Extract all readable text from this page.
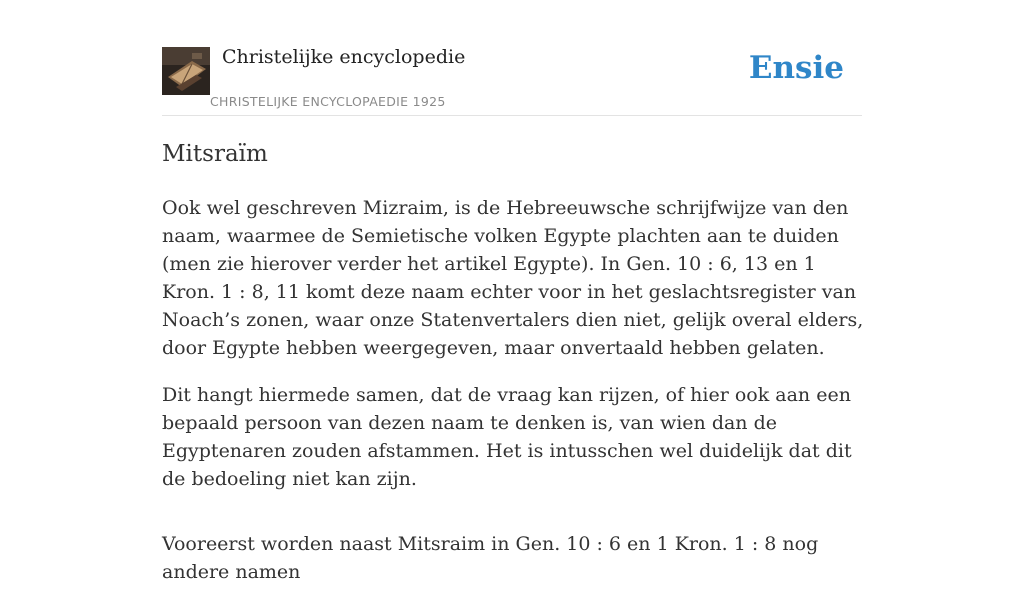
Christelijke encyclopedie
CHRISTELIJKE ENCYCLOPAEDIE 1925
Ensie
Mitsraïm

Ook wel geschreven Mizraim, is de Hebreeuwsche schrijfwijze van den naam, waarmee de Semietische volken Egypte plachten aan te duiden (men zie hierover verder het artikel Egypte). In Gen. 10 : 6, 13 en 1 Kron. 1 : 8, 11 komt deze naam echter voor in het geslachtsregister van Noach’s zonen, waar onze Statenvertalers dien niet, gelijk overal elders, door Egypte hebben weergegeven, maar onvertaald hebben gelaten.

Dit hangt hiermede samen, dat de vraag kan rijzen, of hier ook aan een bepaald persoon van dezen naam te denken is, van wien dan de Egyptenaren zouden afstammen. Het is intusschen wel duidelijk dat dit de bedoeling niet kan zijn.

Vooreerst worden naast Mitsraim in Gen. 10 : 6 en 1 Kron. 1 : 8 nog andere namen
